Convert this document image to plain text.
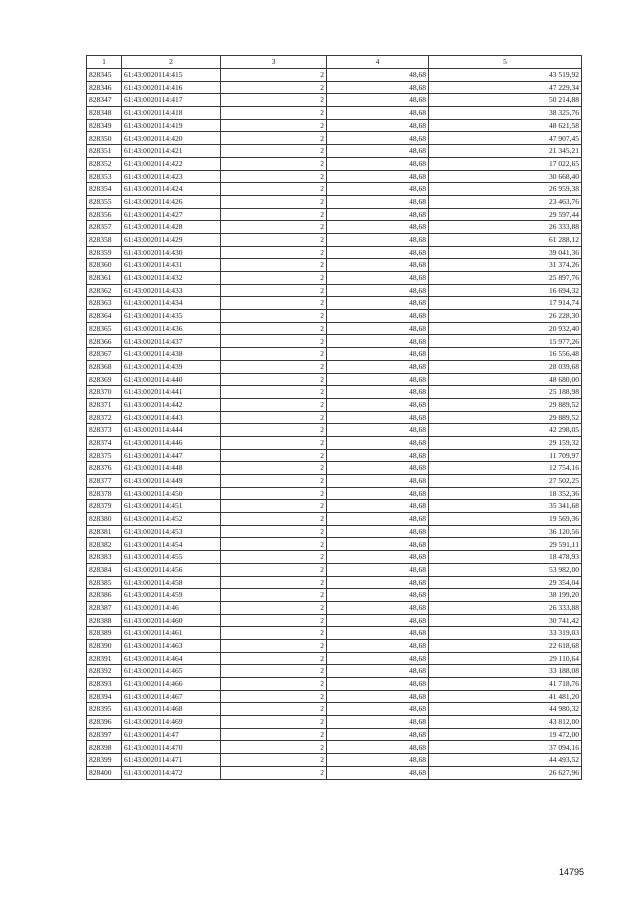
1	2	3	4	5
828345	61:43:0020114:415	2	48,68	43 519,92
828346	61:43:0020114:416	2	48,68	47 229,34
828347	61:43:0020114:417	2	48,68	50 214,88
828348	61:43:0020114:418	2	48,68	38 325,76
828349	61:43:0020114:419	2	48,68	48 621,58
828350	61:43:0020114:420	2	48,68	47 907,45
828351	61:43:0020114:421	2	48,68	21 345,21
828352	61:43:0020114:422	2	48,68	17 022,65
828353	61:43:0020114:423	2	48,68	30 668,40
828354	61:43:0020114:424	2	48,68	26 959,38
828355	61:43:0020114:426	2	48,68	23 463,76
828356	61:43:0020114:427	2	48,68	29 597,44
828357	61:43:0020114:428	2	48,68	26 333,88
828358	61:43:0020114:429	2	48,68	61 288,12
828359	61:43:0020114:430	2	48,68	39 041,36
828360	61:43:0020114:431	2	48,68	31 374,26
828361	61:43:0020114:432	2	48,68	25 897,76
828362	61:43:0020114:433	2	48,68	16 694,32
828363	61:43:0020114:434	2	48,68	17 914,74
828364	61:43:0020114:435	2	48,68	26 228,30
828365	61:43:0020114:436	2	48,68	20 932,40
828366	61:43:0020114:437	2	48,68	15 977,26
828367	61:43:0020114:438	2	48,68	16 556,48
828368	61:43:0020114:439	2	48,68	28 039,68
828369	61:43:0020114:440	2	48,68	48 680,00
828370	61:43:0020114:441	2	48,68	25 188,98
828371	61:43:0020114:442	2	48,68	29 889,52
828372	61:43:0020114:443	2	48,68	29 889,52
828373	61:43:0020114:444	2	48,68	42 298,05
828374	61:43:0020114:446	2	48,68	29 159,32
828375	61:43:0020114:447	2	48,68	11 709,97
828376	61:43:0020114:448	2	48,68	12 754,16
828377	61:43:0020114:449	2	48,68	27 502,25
828378	61:43:0020114:450	2	48,68	18 352,36
828379	61:43:0020114:451	2	48,68	35 341,68
828380	61:43:0020114:452	2	48,68	19 569,36
828381	61:43:0020114:453	2	48,68	36 120,56
828382	61:43:0020114:454	2	48,68	29 591,11
828383	61:43:0020114:455	2	48,68	18 478,93
828384	61:43:0020114:456	2	48,68	53 982,00
828385	61:43:0020114:458	2	48,68	29 354,04
828386	61:43:0020114:459	2	48,68	38 199,20
828387	61:43:0020114:46	2	48,68	26 333,88
828388	61:43:0020114:460	2	48,68	30 741,42
828389	61:43:0020114:461	2	48,68	33 319,03
828390	61:43:0020114:463	2	48,68	22 618,68
828391	61:43:0020114:464	2	48,68	29 110,64
828392	61:43:0020114:465	2	48,68	33 188,08
828393	61:43:0020114:466	2	48,68	41 718,76
828394	61:43:0020114:467	2	48,68	41 481,20
828395	61:43:0020114:468	2	48,68	44 980,32
828396	61:43:0020114:469	2	48,68	43 812,00
828397	61:43:0020114:47	2	48,68	19 472,00
828398	61:43:0020114:470	2	48,68	37 094,16
828399	61:43:0020114:471	2	48,68	44 493,52
828400	61:43:0020114:472	2	48,68	26 627,96
14795
